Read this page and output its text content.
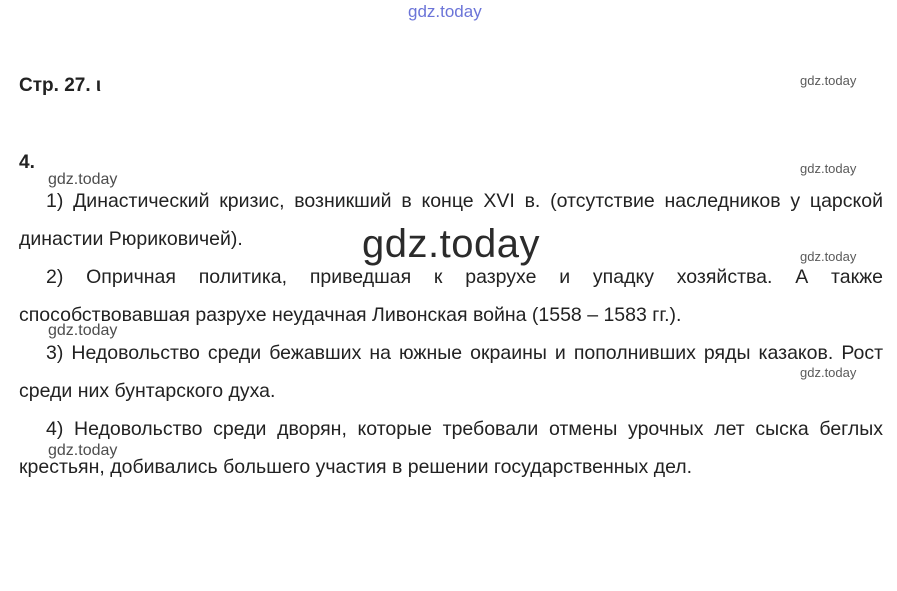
gdz.today
Стр. 27. ι	gdz.today
4.	gdz.today
gdz.today

1) Династический кризис, возникший в конце XVI в. (отсутствие наследников у царской династии Рюриковичей).

2) Опричная политика, приведшая к разрухе и упадку хозяйства. А также способствовавшая разрухе неудачная Ливонская война (1558 – 1583 гг.).

3) Недовольство среди бежавших на южные окраины и пополнивших ряды казаков. Рост среди них бунтарского духа.

4) Недовольство среди дворян, которые требовали отмены урочных лет сыска беглых крестьян, добивались большего участия в решении государственных дел.

gdz.today	gdz.today
gdz.today
gdz.today
gdz.today
